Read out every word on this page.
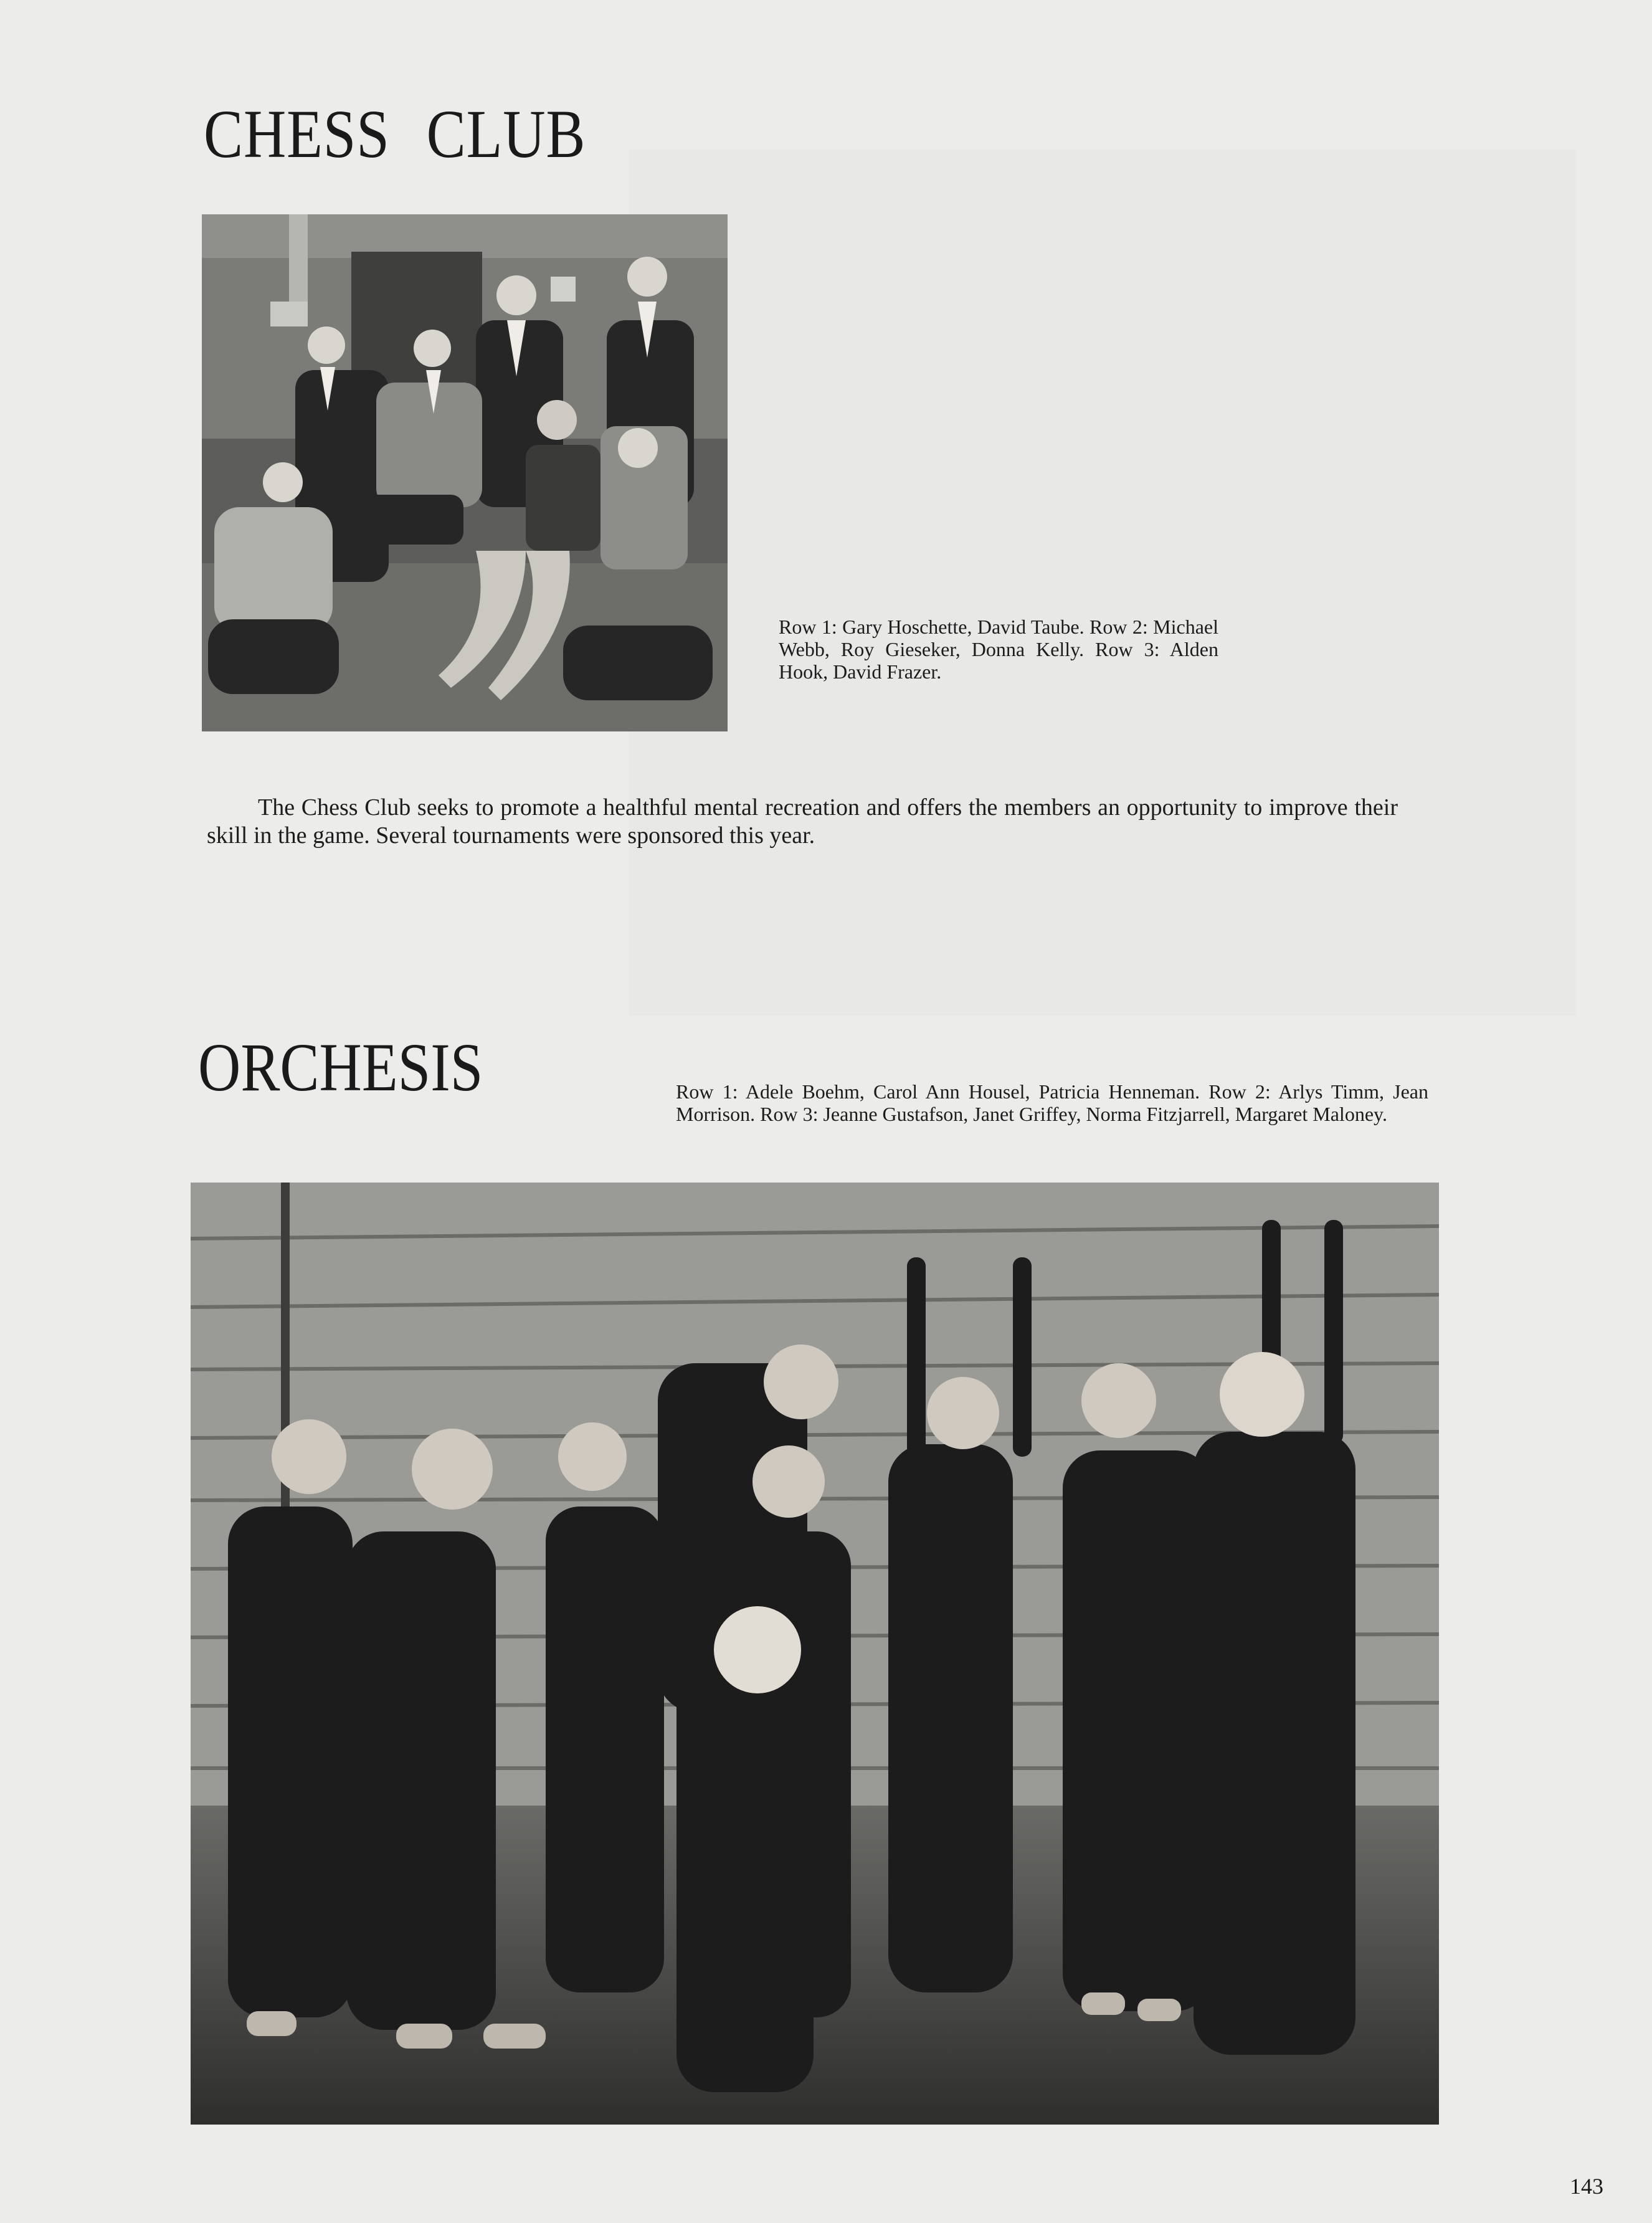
CHESS CLUB
Row 1: Gary Hoschette, David Taube. Row 2: Michael Webb, Roy Gieseker, Donna Kelly. Row 3: Alden Hook, David Frazer.

The Chess Club seeks to promote a healthful mental recreation and offers the members an opportunity to improve their skill in the game. Several tournaments were sponsored this year.

ORCHESIS	Row 1: Adele Boehm, Carol Ann Housel, Patricia Henneman. Row 2: Arlys Timm, Jean Morrison. Row 3: Jeanne Gustafson, Janet Griffey, Norma Fitzjarrell, Margaret Maloney.
143
